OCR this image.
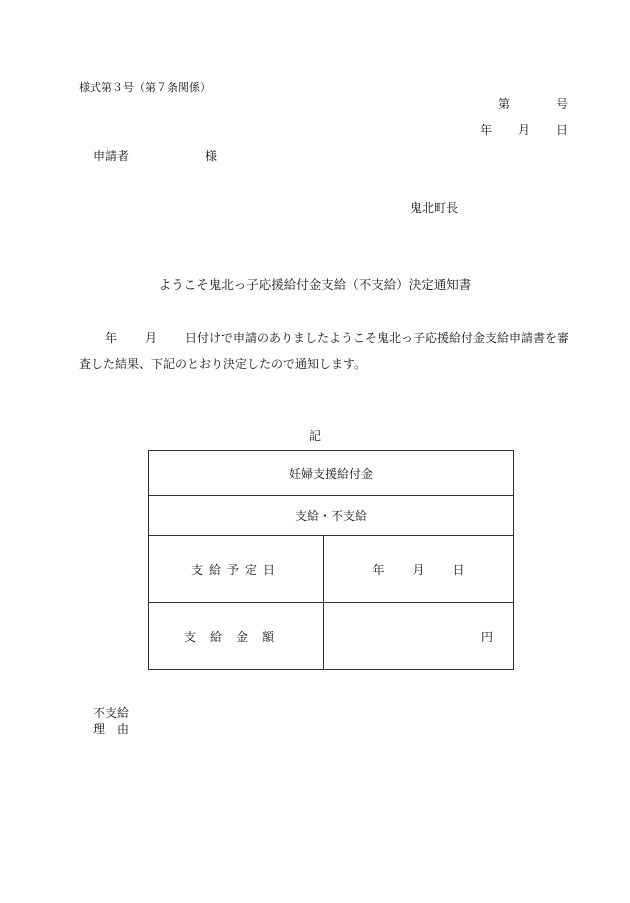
様式第３号（第７条関係）
第	号
年 月 日
申請者	様
鬼北町長
ようこそ鬼北っ子応援給付金支給（不支給）決定通知書
年 月 日付けで申請のありましたようこそ鬼北っ子応援給付金支給申請書を審査した結果、下記のとおり決定したので通知します。
記
妊婦支援給付金	
支給・不支給	
支給予定日	年 月 日
支給金額	円
不支給
理由
